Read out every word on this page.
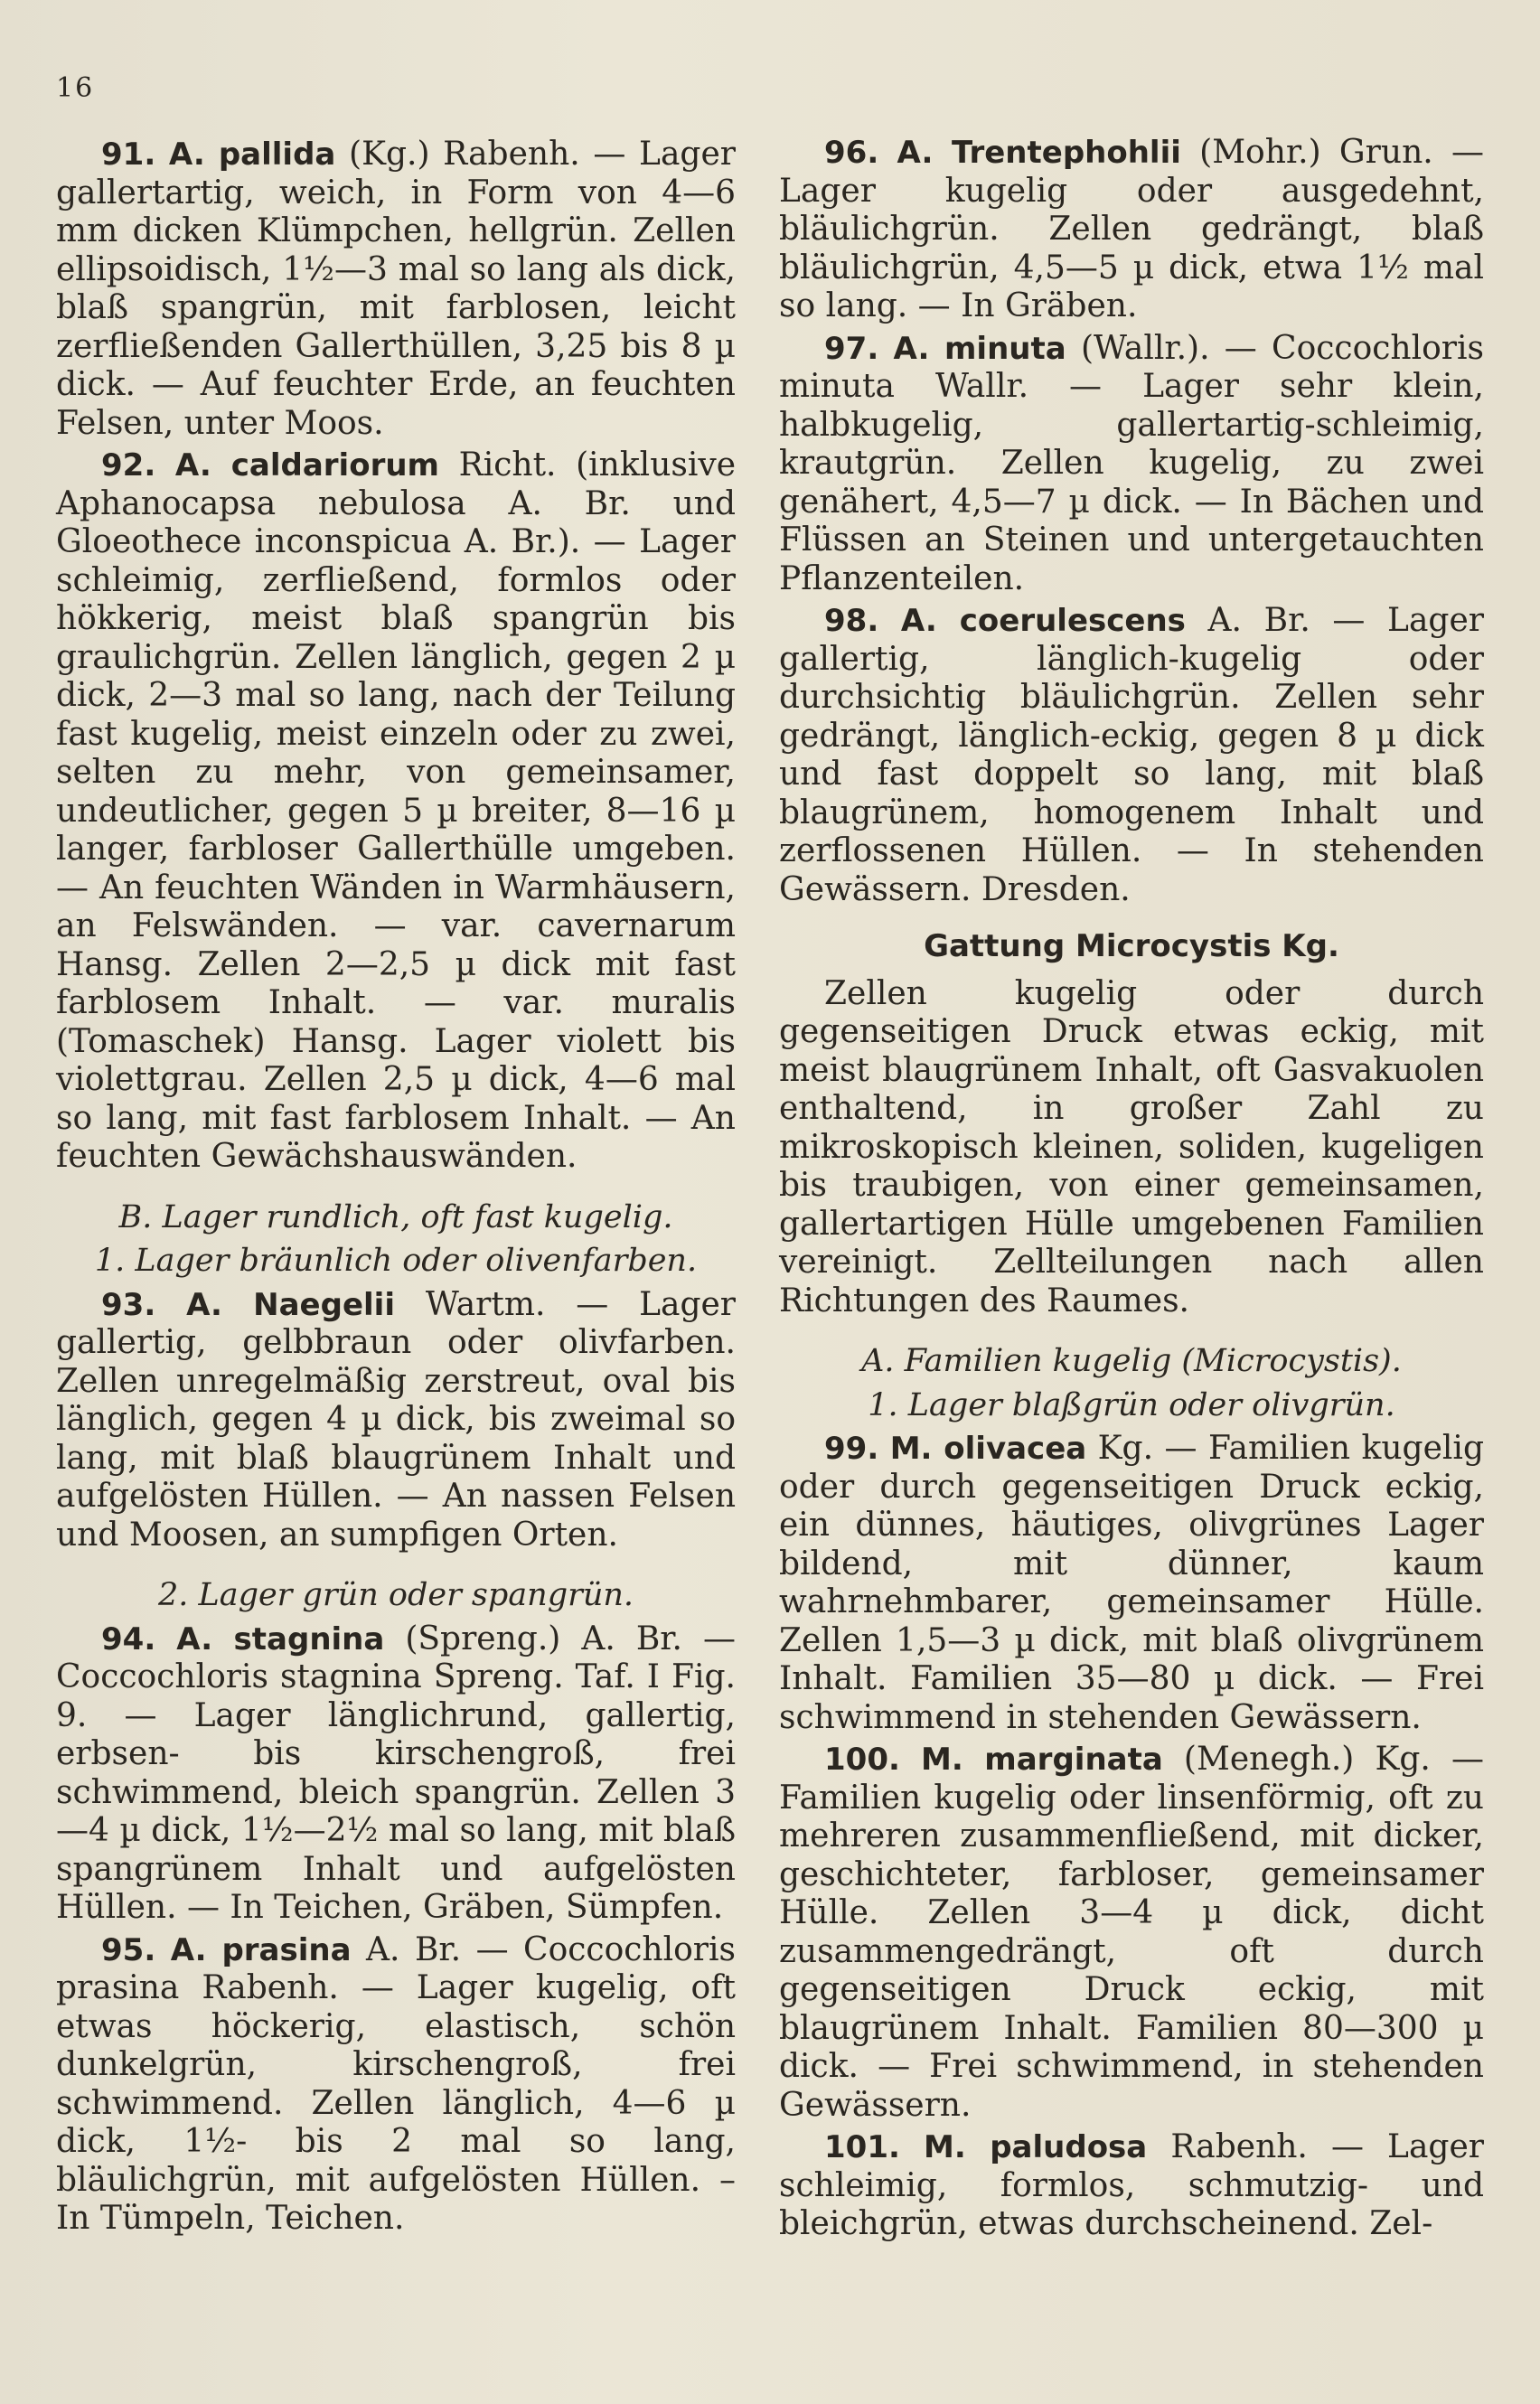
16

91. A. pallida (Kg.) Rabenh. — Lager gallertartig, weich, in Form von 4—6 mm dicken Klümpchen, hellgrün. Zellen ellipsoidisch, 1½—3 mal so lang als dick, blaß spangrün, mit farblosen, leicht zerfließenden Gallerthüllen, 3,25 bis 8 µ dick. — Auf feuchter Erde, an feuchten Felsen, unter Moos.

92. A. caldariorum Richt. (inklusive Aphanocapsa nebulosa A. Br. und Gloeothece inconspicua A. Br.). — Lager schleimig, zerfließend, formlos oder hökkerig, meist blaß spangrün bis graulichgrün. Zellen länglich, gegen 2 µ dick, 2—3 mal so lang, nach der Teilung fast kugelig, meist einzeln oder zu zwei, selten zu mehr, von gemeinsamer, undeutlicher, gegen 5 µ breiter, 8—16 µ langer, farbloser Gallerthülle umgeben. — An feuchten Wänden in Warmhäusern, an Felswänden. — var. cavernarum Hansg. Zellen 2—2,5 µ dick mit fast farblosem Inhalt. — var. muralis (Tomaschek) Hansg. Lager violett bis violettgrau. Zellen 2,5 µ dick, 4—6 mal so lang, mit fast farblosem Inhalt. — An feuchten Gewächshauswänden.

B. Lager rundlich, oft fast kugelig.
1. Lager bräunlich oder olivenfarben.

93. A. Naegelii Wartm. — Lager gallertig, gelbbraun oder olivfarben. Zellen unregelmäßig zerstreut, oval bis länglich, gegen 4 µ dick, bis zweimal so lang, mit blaß blaugrünem Inhalt und aufgelösten Hüllen. — An nassen Felsen und Moosen, an sumpfigen Orten.

2. Lager grün oder spangrün.

94. A. stagnina (Spreng.) A. Br. — Coccochloris stagnina Spreng. Taf. I Fig. 9. — Lager länglichrund, gallertig, erbsen- bis kirschengroß, frei schwimmend, bleich spangrün. Zellen 3—4 µ dick, 1½—2½ mal so lang, mit blaß spangrünem Inhalt und aufgelösten Hüllen. — In Teichen, Gräben, Sümpfen.

95. A. prasina A. Br. — Coccochloris prasina Rabenh. — Lager kugelig, oft etwas höckerig, elastisch, schön dunkelgrün, kirschengroß, frei schwimmend. Zellen länglich, 4—6 µ dick, 1½- bis 2 mal so lang, bläulichgrün, mit aufgelösten Hüllen. – In Tümpeln, Teichen.

96. A. Trentephohlii (Mohr.) Grun. — Lager kugelig oder ausgedehnt, bläulichgrün. Zellen gedrängt, blaß bläulichgrün, 4,5—5 µ dick, etwa 1½ mal so lang. — In Gräben.

97. A. minuta (Wallr.). — Coccochloris minuta Wallr. — Lager sehr klein, halbkugelig, gallertartig-schleimig, krautgrün. Zellen kugelig, zu zwei genähert, 4,5—7 µ dick. — In Bächen und Flüssen an Steinen und untergetauchten Pflanzenteilen.

98. A. coerulescens A. Br. — Lager gallertig, länglich-kugelig oder durchsichtig bläulichgrün. Zellen sehr gedrängt, länglich-eckig, gegen 8 µ dick und fast doppelt so lang, mit blaß blaugrünem, homogenem Inhalt und zerflossenen Hüllen. — In stehenden Gewässern. Dresden.

Gattung Microcystis Kg.

Zellen kugelig oder durch gegenseitigen Druck etwas eckig, mit meist blaugrünem Inhalt, oft Gasvakuolen enthaltend, in großer Zahl zu mikroskopisch kleinen, soliden, kugeligen bis traubigen, von einer gemeinsamen, gallertartigen Hülle umgebenen Familien vereinigt. Zellteilungen nach allen Richtungen des Raumes.

A. Familien kugelig (Microcystis).
1. Lager blaßgrün oder olivgrün.

99. M. olivacea Kg. — Familien kugelig oder durch gegenseitigen Druck eckig, ein dünnes, häutiges, olivgrünes Lager bildend, mit dünner, kaum wahrnehmbarer, gemeinsamer Hülle. Zellen 1,5—3 µ dick, mit blaß olivgrünem Inhalt. Familien 35—80 µ dick. — Frei schwimmend in stehenden Gewässern.

100. M. marginata (Menegh.) Kg. — Familien kugelig oder linsenförmig, oft zu mehreren zusammenfließend, mit dicker, geschichteter, farbloser, gemeinsamer Hülle. Zellen 3—4 µ dick, dicht zusammengedrängt, oft durch gegenseitigen Druck eckig, mit blaugrünem Inhalt. Familien 80—300 µ dick. — Frei schwimmend, in stehenden Gewässern.

101. M. paludosa Rabenh. — Lager schleimig, formlos, schmutzig- und bleichgrün, etwas durchscheinend. Zel-
